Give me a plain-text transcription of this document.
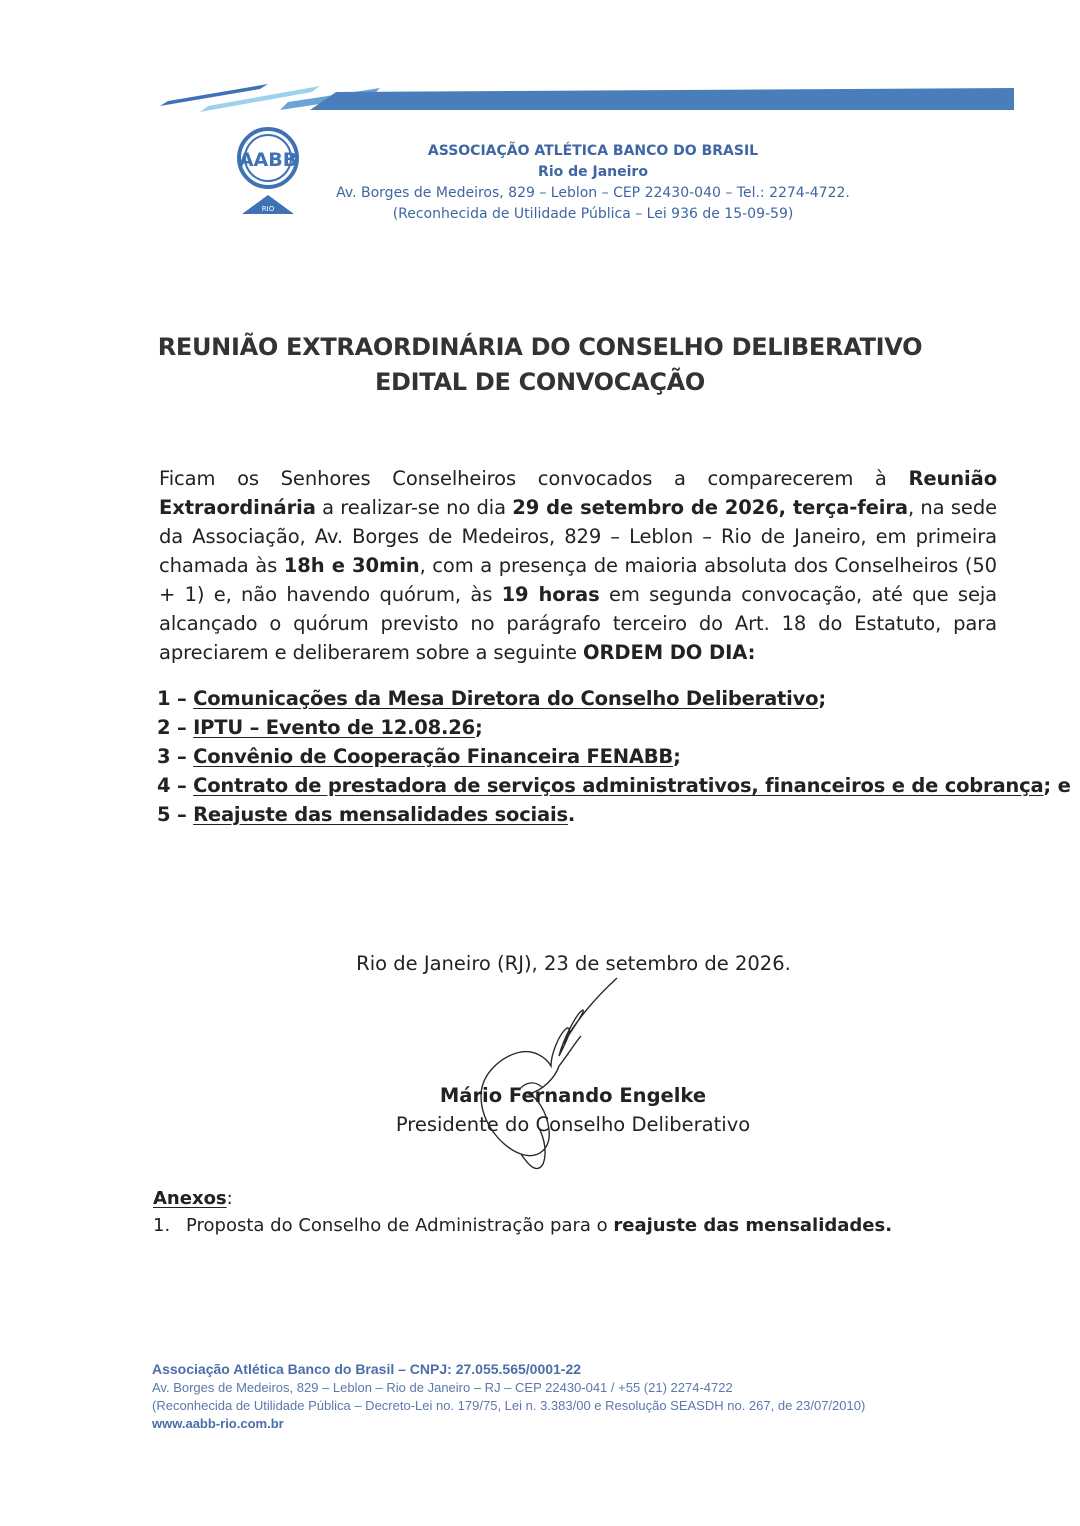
AABB
RIO
ASSOCIAÇÃO ATLÉTICA BANCO DO BRASIL
Rio de Janeiro
Av. Borges de Medeiros, 829 – Leblon – CEP 22430-040 – Tel.: 2274-4722.
(Reconhecida de Utilidade Pública – Lei 936 de 15-09-59)
REUNIÃO EXTRAORDINÁRIA DO CONSELHO DELIBERATIVO
EDITAL DE CONVOCAÇÃO
Ficam os Senhores Conselheiros convocados a comparecerem à Reunião Extraordinária a realizar-se no dia 29 de setembro de 2026, terça-feira, na sede da Associação, Av. Borges de Medeiros, 829 – Leblon – Rio de Janeiro, em primeira chamada às 18h e 30min, com a presença de maioria absoluta dos Conselheiros (50 + 1) e, não havendo quórum, às 19 horas em segunda convocação, até que seja alcançado o quórum previsto no parágrafo terceiro do Art. 18 do Estatuto, para apreciarem e deliberarem sobre a seguinte ORDEM DO DIA:
1 – Comunicações da Mesa Diretora do Conselho Deliberativo;
2 – IPTU – Evento de 12.08.26;
3 – Convênio de Cooperação Financeira FENABB;
4 – Contrato de prestadora de serviços administrativos, financeiros e de cobrança; e
5 – Reajuste das mensalidades sociais.
Rio de Janeiro (RJ), 23 de setembro de 2026.
Mário Fernando Engelke
Presidente do Conselho Deliberativo
Anexos:
1. Proposta do Conselho de Administração para o reajuste das mensalidades.
Associação Atlética Banco do Brasil – CNPJ: 27.055.565/0001-22
Av. Borges de Medeiros, 829 – Leblon – Rio de Janeiro – RJ – CEP 22430-041 / +55 (21) 2274-4722
(Reconhecida de Utilidade Pública – Decreto-Lei no. 179/75, Lei n. 3.383/00 e Resolução SEASDH no. 267, de 23/07/2010)
www.aabb-rio.com.br
